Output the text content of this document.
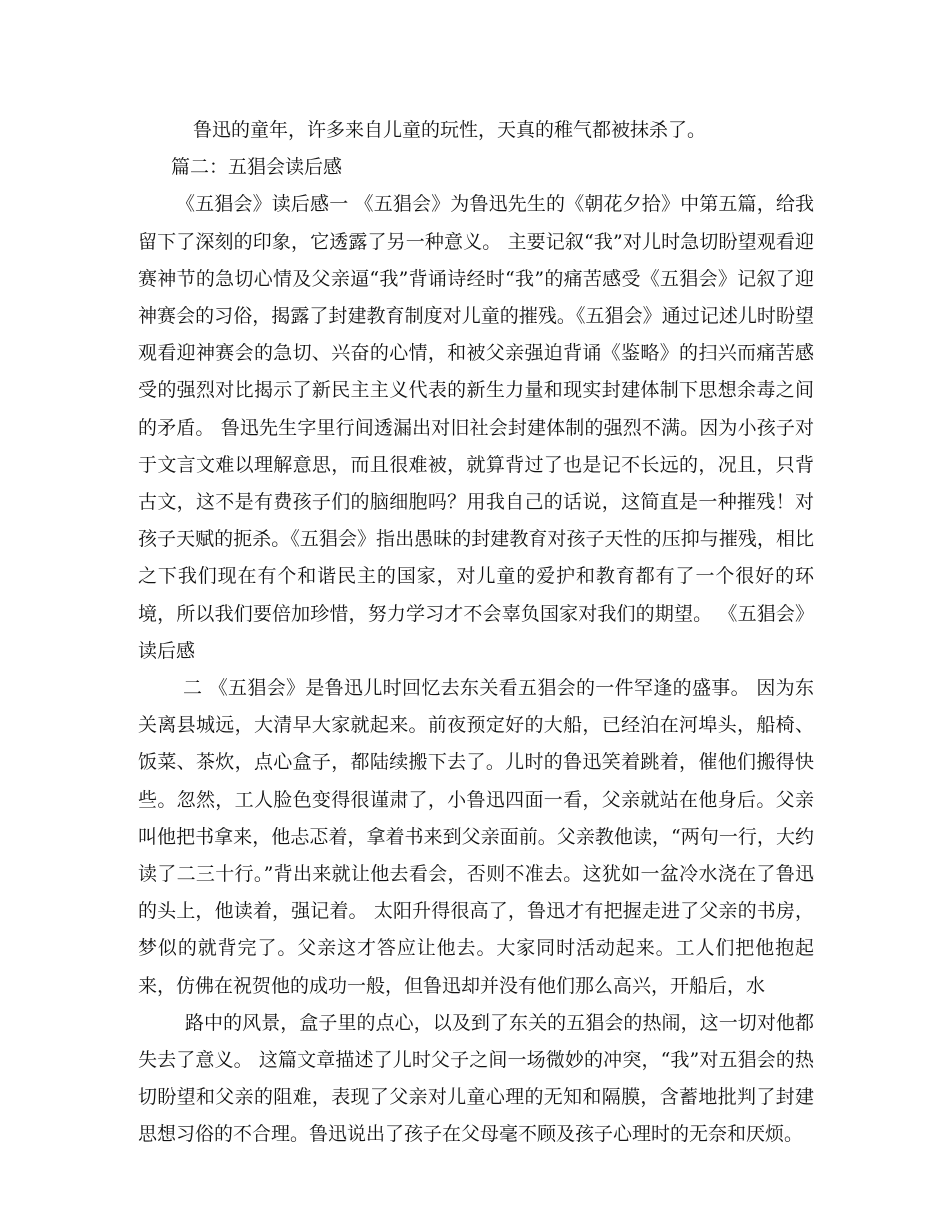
鲁迅的童年，许多来自儿童的玩性，天真的稚气都被抹杀了。

篇二：五猖会读后感

《五猖会》读后感一 《五猖会》为鲁迅先生的《朝花夕拾》中第五篇，给我留下了深刻的印象，它透露了另一种意义。 主要记叙“我”对儿时急切盼望观看迎赛神节的急切心情及父亲逼“我”背诵诗经时“我”的痛苦感受《五猖会》记叙了迎神赛会的习俗，揭露了封建教育制度对儿童的摧残。《五猖会》通过记述儿时盼望观看迎神赛会的急切、兴奋的心情，和被父亲强迫背诵《鉴略》的扫兴而痛苦感受的强烈对比揭示了新民主主义代表的新生力量和现实封建体制下思想余毒之间的矛盾。 鲁迅先生字里行间透漏出对旧社会封建体制的强烈不满。因为小孩子对于文言文难以理解意思，而且很难被，就算背过了也是记不长远的，况且，只背古文，这不是有费孩子们的脑细胞吗？用我自己的话说，这简直是一种摧残！对孩子天赋的扼杀。《五猖会》指出愚昧的封建教育对孩子天性的压抑与摧残，相比之下我们现在有个和谐民主的国家，对儿童的爱护和教育都有了一个很好的环境，所以我们要倍加珍惜，努力学习才不会辜负国家对我们的期望。 《五猖会》读后感

二 《五猖会》是鲁迅儿时回忆去东关看五猖会的一件罕逢的盛事。 因为东关离县城远，大清早大家就起来。前夜预定好的大船，已经泊在河埠头，船椅、饭菜、茶炊，点心盒子，都陆续搬下去了。儿时的鲁迅笑着跳着，催他们搬得快些。忽然，工人脸色变得很谨肃了，小鲁迅四面一看，父亲就站在他身后。父亲叫他把书拿来，他忐忑着，拿着书来到父亲面前。父亲教他读，“两句一行，大约读了二三十行。”背出来就让他去看会，否则不准去。这犹如一盆冷水浇在了鲁迅的头上，他读着，强记着。 太阳升得很高了，鲁迅才有把握走进了父亲的书房，梦似的就背完了。父亲这才答应让他去。大家同时活动起来。工人们把他抱起来，仿佛在祝贺他的成功一般，但鲁迅却并没有他们那么高兴，开船后，水

路中的风景，盒子里的点心，以及到了东关的五猖会的热闹，这一切对他都失去了意义。 这篇文章描述了儿时父子之间一场微妙的冲突，“我”对五猖会的热切盼望和父亲的阻难，表现了父亲对儿童心理的无知和隔膜，含蓄地批判了封建思想习俗的不合理。鲁迅说出了孩子在父母毫不顾及孩子心理时的无奈和厌烦。
